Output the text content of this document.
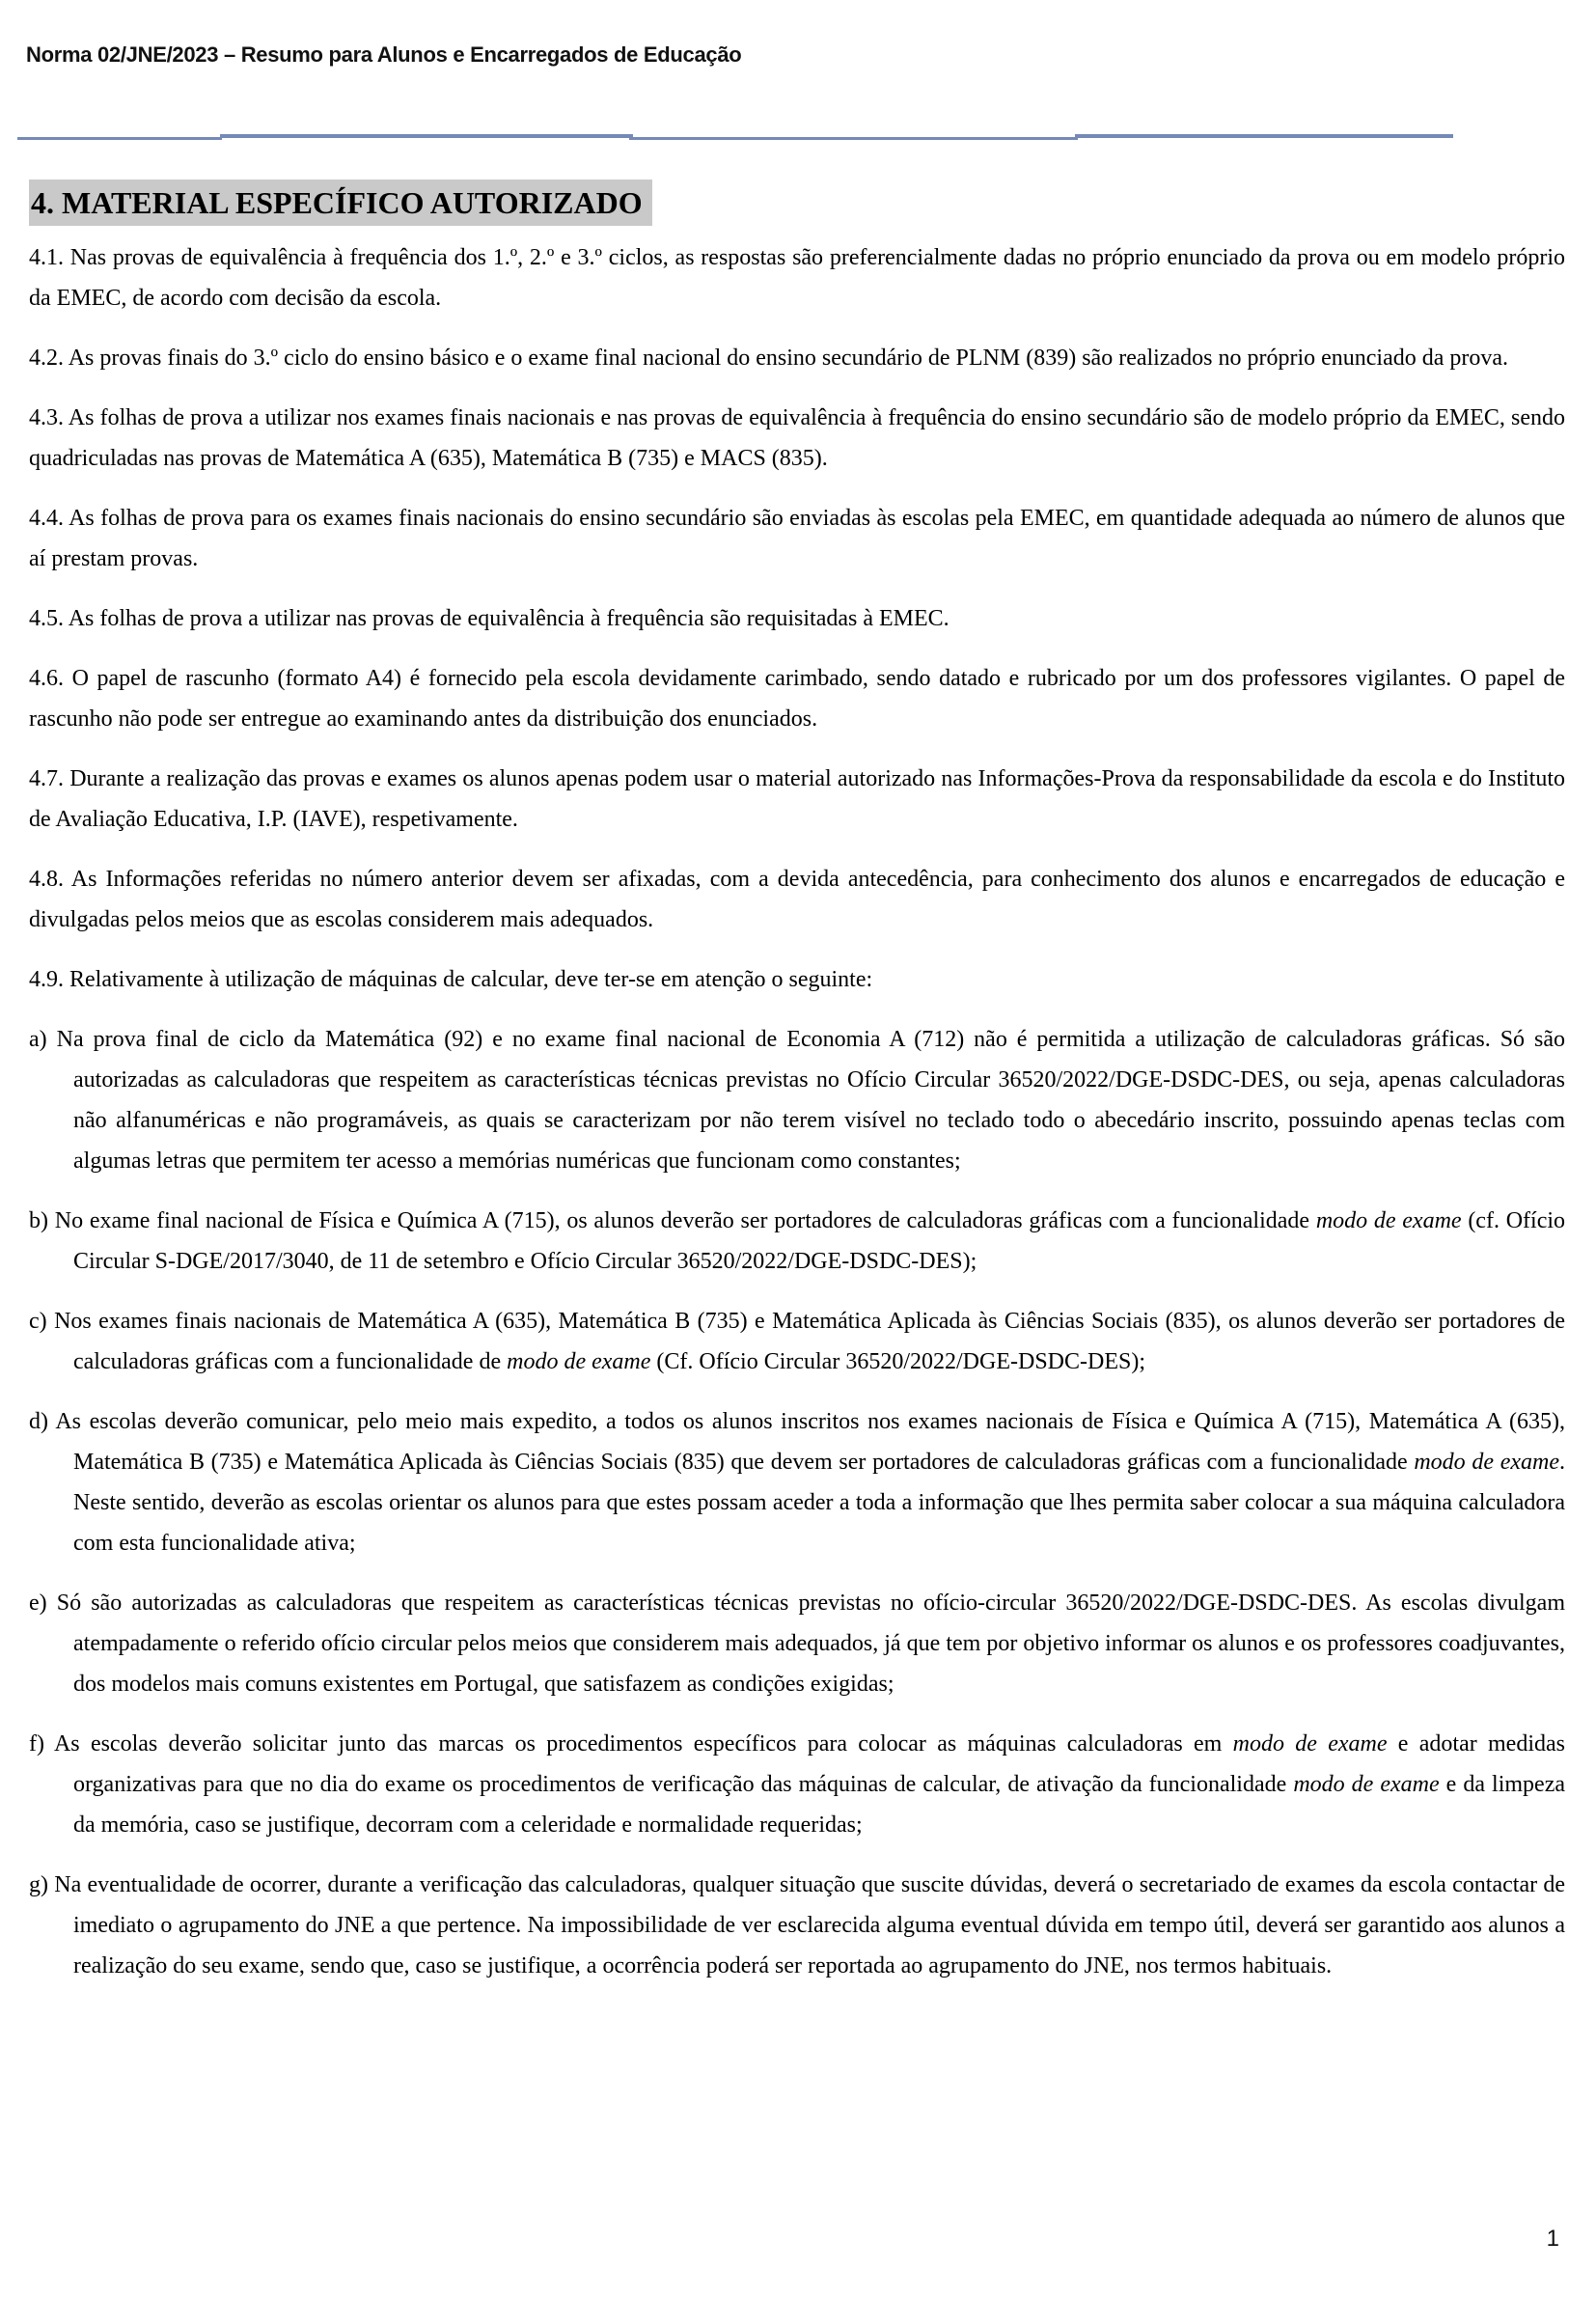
Norma 02/JNE/2023 – Resumo para Alunos e Encarregados de Educação
4. MATERIAL ESPECÍFICO AUTORIZADO
4.1. Nas provas de equivalência à frequência dos 1.º, 2.º e 3.º ciclos, as respostas são preferencialmente dadas no próprio enunciado da prova ou em modelo próprio da EMEC, de acordo com decisão da escola.
4.2. As provas finais do 3.º ciclo do ensino básico e o exame final nacional do ensino secundário de PLNM (839) são realizados no próprio enunciado da prova.
4.3. As folhas de prova a utilizar nos exames finais nacionais e nas provas de equivalência à frequência do ensino secundário são de modelo próprio da EMEC, sendo quadriculadas nas provas de Matemática A (635), Matemática B (735) e MACS (835).
4.4. As folhas de prova para os exames finais nacionais do ensino secundário são enviadas às escolas pela EMEC, em quantidade adequada ao número de alunos que aí prestam provas.
4.5. As folhas de prova a utilizar nas provas de equivalência à frequência são requisitadas à EMEC.
4.6. O papel de rascunho (formato A4) é fornecido pela escola devidamente carimbado, sendo datado e rubricado por um dos professores vigilantes. O papel de rascunho não pode ser entregue ao examinando antes da distribuição dos enunciados.
4.7. Durante a realização das provas e exames os alunos apenas podem usar o material autorizado nas Informações-Prova da responsabilidade da escola e do Instituto de Avaliação Educativa, I.P. (IAVE), respetivamente.
4.8. As Informações referidas no número anterior devem ser afixadas, com a devida antecedência, para conhecimento dos alunos e encarregados de educação e divulgadas pelos meios que as escolas considerem mais adequados.
4.9. Relativamente à utilização de máquinas de calcular, deve ter-se em atenção o seguinte:
a) Na prova final de ciclo da Matemática (92) e no exame final nacional de Economia A (712) não é permitida a utilização de calculadoras gráficas. Só são autorizadas as calculadoras que respeitem as características técnicas previstas no Ofício Circular 36520/2022/DGE-DSDC-DES, ou seja, apenas calculadoras não alfanuméricas e não programáveis, as quais se caracterizam por não terem visível no teclado todo o abecedário inscrito, possuindo apenas teclas com algumas letras que permitem ter acesso a memórias numéricas que funcionam como constantes;
b) No exame final nacional de Física e Química A (715), os alunos deverão ser portadores de calculadoras gráficas com a funcionalidade modo de exame (cf. Ofício Circular S-DGE/2017/3040, de 11 de setembro e Ofício Circular 36520/2022/DGE-DSDC-DES);
c) Nos exames finais nacionais de Matemática A (635), Matemática B (735) e Matemática Aplicada às Ciências Sociais (835), os alunos deverão ser portadores de calculadoras gráficas com a funcionalidade de modo de exame (Cf. Ofício Circular 36520/2022/DGE-DSDC-DES);
d) As escolas deverão comunicar, pelo meio mais expedito, a todos os alunos inscritos nos exames nacionais de Física e Química A (715), Matemática A (635), Matemática B (735) e Matemática Aplicada às Ciências Sociais (835) que devem ser portadores de calculadoras gráficas com a funcionalidade modo de exame. Neste sentido, deverão as escolas orientar os alunos para que estes possam aceder a toda a informação que lhes permita saber colocar a sua máquina calculadora com esta funcionalidade ativa;
e) Só são autorizadas as calculadoras que respeitem as características técnicas previstas no ofício-circular 36520/2022/DGE-DSDC-DES. As escolas divulgam atempadamente o referido ofício circular pelos meios que considerem mais adequados, já que tem por objetivo informar os alunos e os professores coadjuvantes, dos modelos mais comuns existentes em Portugal, que satisfazem as condições exigidas;
f) As escolas deverão solicitar junto das marcas os procedimentos específicos para colocar as máquinas calculadoras em modo de exame e adotar medidas organizativas para que no dia do exame os procedimentos de verificação das máquinas de calcular, de ativação da funcionalidade modo de exame e da limpeza da memória, caso se justifique, decorram com a celeridade e normalidade requeridas;
g) Na eventualidade de ocorrer, durante a verificação das calculadoras, qualquer situação que suscite dúvidas, deverá o secretariado de exames da escola contactar de imediato o agrupamento do JNE a que pertence. Na impossibilidade de ver esclarecida alguma eventual dúvida em tempo útil, deverá ser garantido aos alunos a realização do seu exame, sendo que, caso se justifique, a ocorrência poderá ser reportada ao agrupamento do JNE, nos termos habituais.
1
